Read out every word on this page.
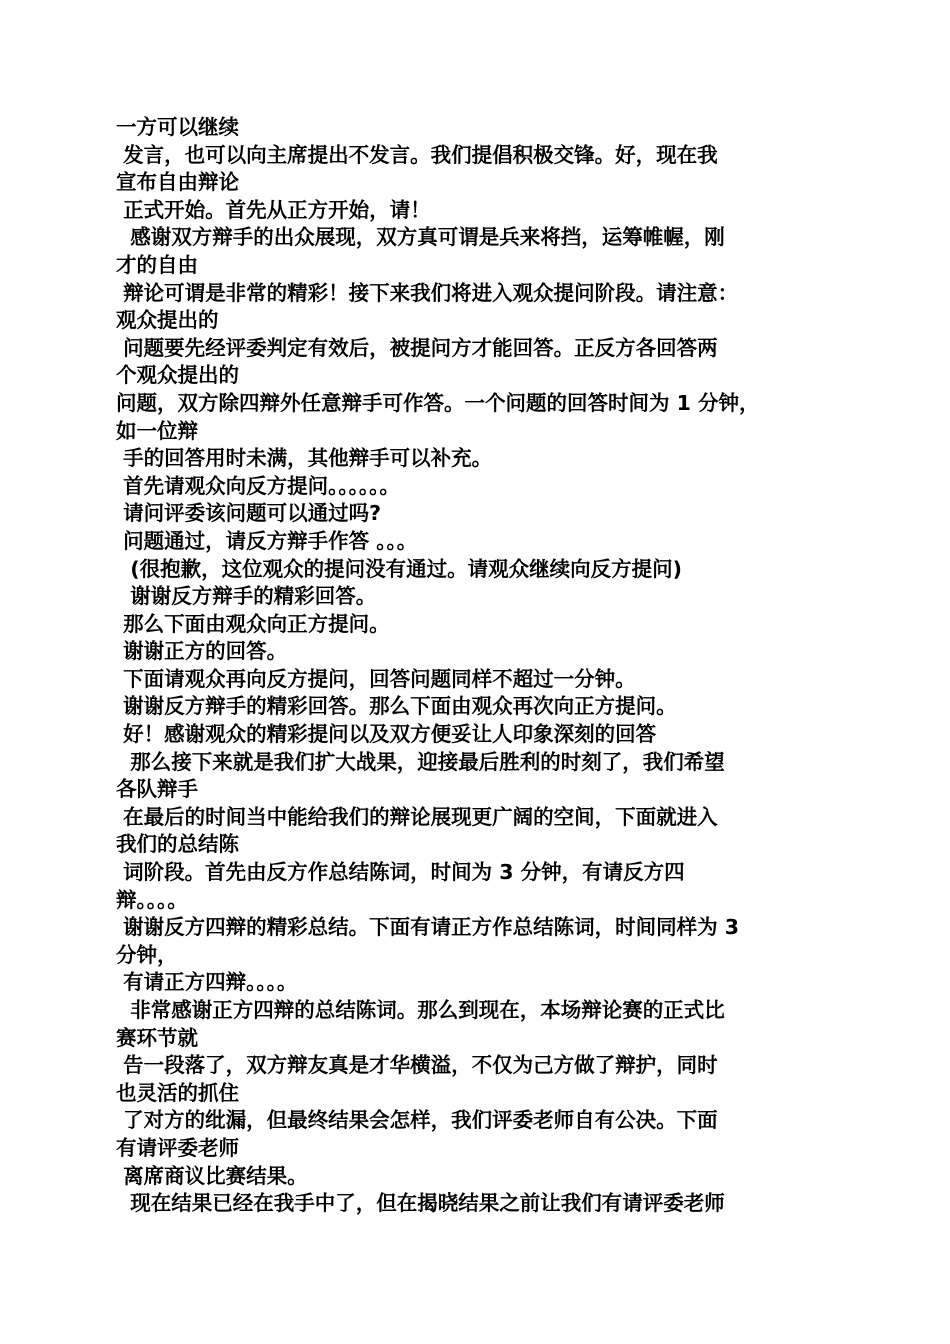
一方可以继续
发言，也可以向主席提出不发言。我们提倡积极交锋。好，现在我
宣布自由辩论
正式开始。首先从正方开始，请！
感谢双方辩手的出众展现，双方真可谓是兵来将挡，运筹帷幄，刚
才的自由
辩论可谓是非常的精彩！接下来我们将进入观众提问阶段。请注意：
观众提出的
问题要先经评委判定有效后，被提问方才能回答。正反方各回答两
个观众提出的
问题，双方除四辩外任意辩手可作答。一个问题的回答时间为 1 分钟，
如一位辩
手的回答用时未满，其他辩手可以补充。
首先请观众向反方提问。。。。。。
请问评委该问题可以通过吗?
问题通过，请反方辩手作答 。。。
(很抱歉，这位观众的提问没有通过。请观众继续向反方提问)
谢谢反方辩手的精彩回答。
那么下面由观众向正方提问。
谢谢正方的回答。
下面请观众再向反方提问，回答问题同样不超过一分钟。
谢谢反方辩手的精彩回答。那么下面由观众再次向正方提问。
好！感谢观众的精彩提问以及双方便妥让人印象深刻的回答
那么接下来就是我们扩大战果，迎接最后胜利的时刻了，我们希望
各队辩手
在最后的时间当中能给我们的辩论展现更广阔的空间，下面就进入
我们的总结陈
词阶段。首先由反方作总结陈词，时间为 3 分钟，有请反方四
辩。。。。
谢谢反方四辩的精彩总结。下面有请正方作总结陈词，时间同样为 3
分钟，
有请正方四辩。。。。
非常感谢正方四辩的总结陈词。那么到现在，本场辩论赛的正式比
赛环节就
告一段落了，双方辩友真是才华横溢，不仅为己方做了辩护，同时
也灵活的抓住
了对方的纰漏，但最终结果会怎样，我们评委老师自有公决。下面
有请评委老师
离席商议比赛结果。
现在结果已经在我手中了，但在揭晓结果之前让我们有请评委老师
